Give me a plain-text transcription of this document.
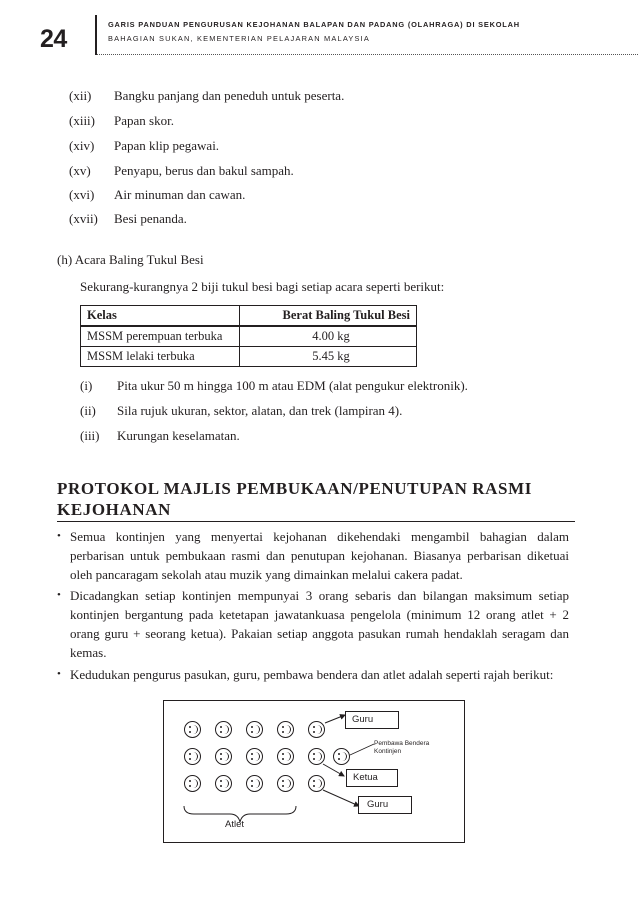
24
GARIS PANDUAN PENGURUSAN KEJOHANAN BALAPAN DAN PADANG (OLAHRAGA) DI SEKOLAH
BAHAGIAN SUKAN, KEMENTERIAN PELAJARAN MALAYSIA
(xii) Bangku panjang dan peneduh untuk peserta.
(xiii) Papan skor.
(xiv) Papan klip pegawai.
(xv) Penyapu, berus dan bakul sampah.
(xvi) Air minuman dan cawan.
(xvii) Besi penanda.
(h) Acara Baling Tukul Besi
Sekurang-kurangnya 2 biji tukul besi bagi setiap acara seperti berikut:
Kelas	Berat Baling Tukul Besi
MSSM perempuan terbuka	4.00 kg
MSSM lelaki terbuka	5.45 kg
(i) Pita ukur 50 m hingga 100 m atau EDM (alat pengukur elektronik).
(ii) Sila rujuk ukuran, sektor, alatan, dan trek (lampiran 4).
(iii) Kurungan keselamatan.
PROTOKOL MAJLIS PEMBUKAAN/PENUTUPAN RASMI
KEJOHANAN
• Semua kontinjen yang menyertai kejohanan dikehendaki mengambil bahagian dalam perbarisan untuk pembukaan rasmi dan penutupan kejohanan. Biasanya perbarisan diketuai oleh pancaragam sekolah atau muzik yang dimainkan melalui cakera padat.
• Dicadangkan setiap kontinjen mempunyai 3 orang sebaris dan bilangan maksimum setiap kontinjen bergantung pada ketetapan jawatankuasa pengelola (minimum 12 orang atlet + 2 orang guru + seorang ketua). Pakaian setiap anggota pasukan rumah hendaklah seragam dan kemas.
• Kedudukan pengurus pasukan, guru, pembawa bendera dan atlet adalah seperti rajah berikut:
Guru
Pembawa Bendera
Kontinjen
Ketua
Guru
Atlet
